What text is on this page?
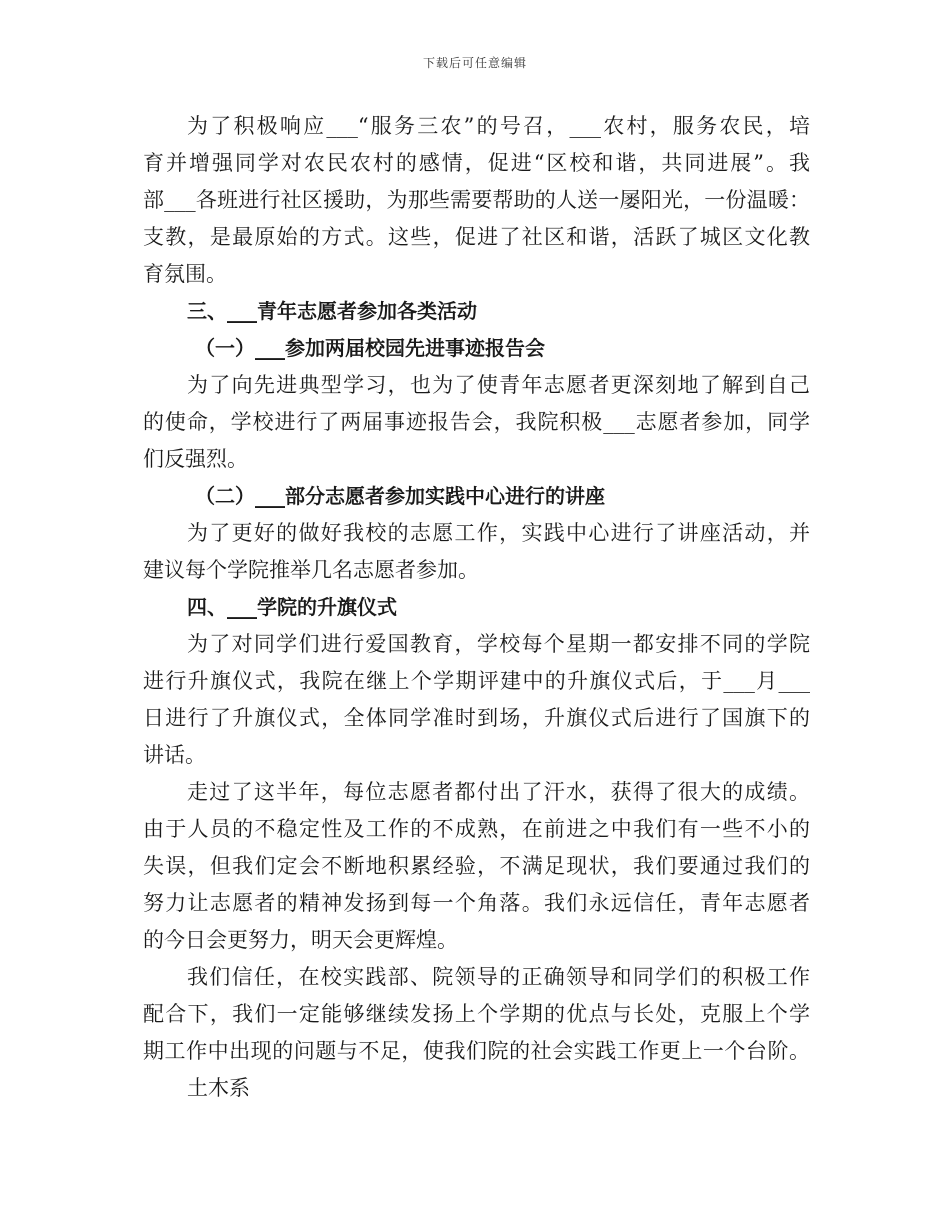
下载后可任意编辑
为了积极响应___“服务三农”的号召，___农村，服务农民，培
育并增强同学对农民农村的感情，促进“区校和谐，共同进展”。我
部___各班进行社区援助，为那些需要帮助的人送一屡阳光，一份温暖：
支教，是最原始的方式。这些，促进了社区和谐，活跃了城区文化教
育氛围。
三、___青年志愿者参加各类活动
（一）___参加两届校园先进事迹报告会
为了向先进典型学习，也为了使青年志愿者更深刻地了解到自己
的使命，学校进行了两届事迹报告会，我院积极___志愿者参加，同学
们反强烈。
（二）___部分志愿者参加实践中心进行的讲座
为了更好的做好我校的志愿工作，实践中心进行了讲座活动，并
建议每个学院推举几名志愿者参加。
四、___学院的升旗仪式
为了对同学们进行爱国教育，学校每个星期一都安排不同的学院
进行升旗仪式，我院在继上个学期评建中的升旗仪式后，于___月___
日进行了升旗仪式，全体同学准时到场，升旗仪式后进行了国旗下的
讲话。
走过了这半年，每位志愿者都付出了汗水，获得了很大的成绩。
由于人员的不稳定性及工作的不成熟，在前进之中我们有一些不小的
失误，但我们定会不断地积累经验，不满足现状，我们要通过我们的
努力让志愿者的精神发扬到每一个角落。我们永远信任，青年志愿者
的今日会更努力，明天会更辉煌。
我们信任，在校实践部、院领导的正确领导和同学们的积极工作
配合下，我们一定能够继续发扬上个学期的优点与长处，克服上个学
期工作中出现的问题与不足，使我们院的社会实践工作更上一个台阶。
土木系
